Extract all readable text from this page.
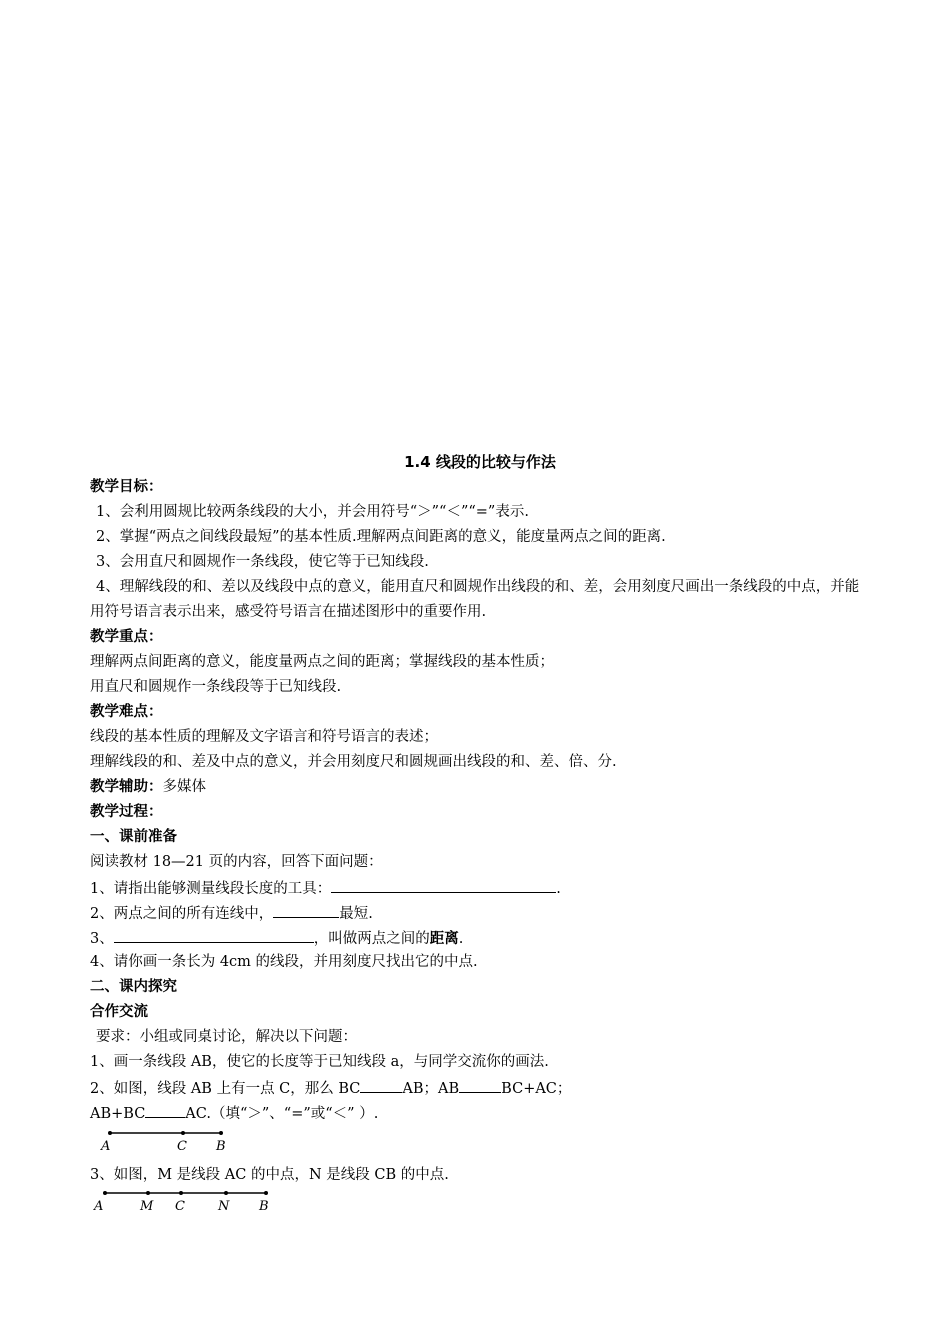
1.4 线段的比较与作法
教学目标：
1、会利用圆规比较两条线段的大小，并会用符号“＞”“＜”“=”表示.
2、掌握“两点之间线段最短”的基本性质.理解两点间距离的意义，能度量两点之间的距离.
3、会用直尺和圆规作一条线段，使它等于已知线段.
4、理解线段的和、差以及线段中点的意义，能用直尺和圆规作出线段的和、差，会用刻度尺画出一条线段的中点，并能用符号语言表示出来，感受符号语言在描述图形中的重要作用.
教学重点：
理解两点间距离的意义，能度量两点之间的距离；掌握线段的基本性质；
用直尺和圆规作一条线段等于已知线段.
教学难点：
线段的基本性质的理解及文字语言和符号语言的表述；
理解线段的和、差及中点的意义，并会用刻度尺和圆规画出线段的和、差、倍、分.
教学辅助：多媒体
教学过程：
一、课前准备
阅读教材 18—21 页的内容，回答下面问题：
1、请指出能够测量线段长度的工具：	.
2、两点之间的所有连线中，	最短.
3、	，叫做两点之间的距离.
4、请你画一条长为 4cm 的线段，并用刻度尺找出它的中点.
二、课内探究
合作交流
要求：小组或同桌讨论，解决以下问题：
1、画一条线段 AB，使它的长度等于已知线段 a，与同学交流你的画法.
2、如图，线段 AB 上有一点 C，那么 BC	AB；AB	BC+AC；
AB+BC	AC.（填“＞”、“=”或“＜” ）.
A	C B
3、如图，M 是线段 AC 的中点，N 是线段 CB 的中点.
A	M C	N B
